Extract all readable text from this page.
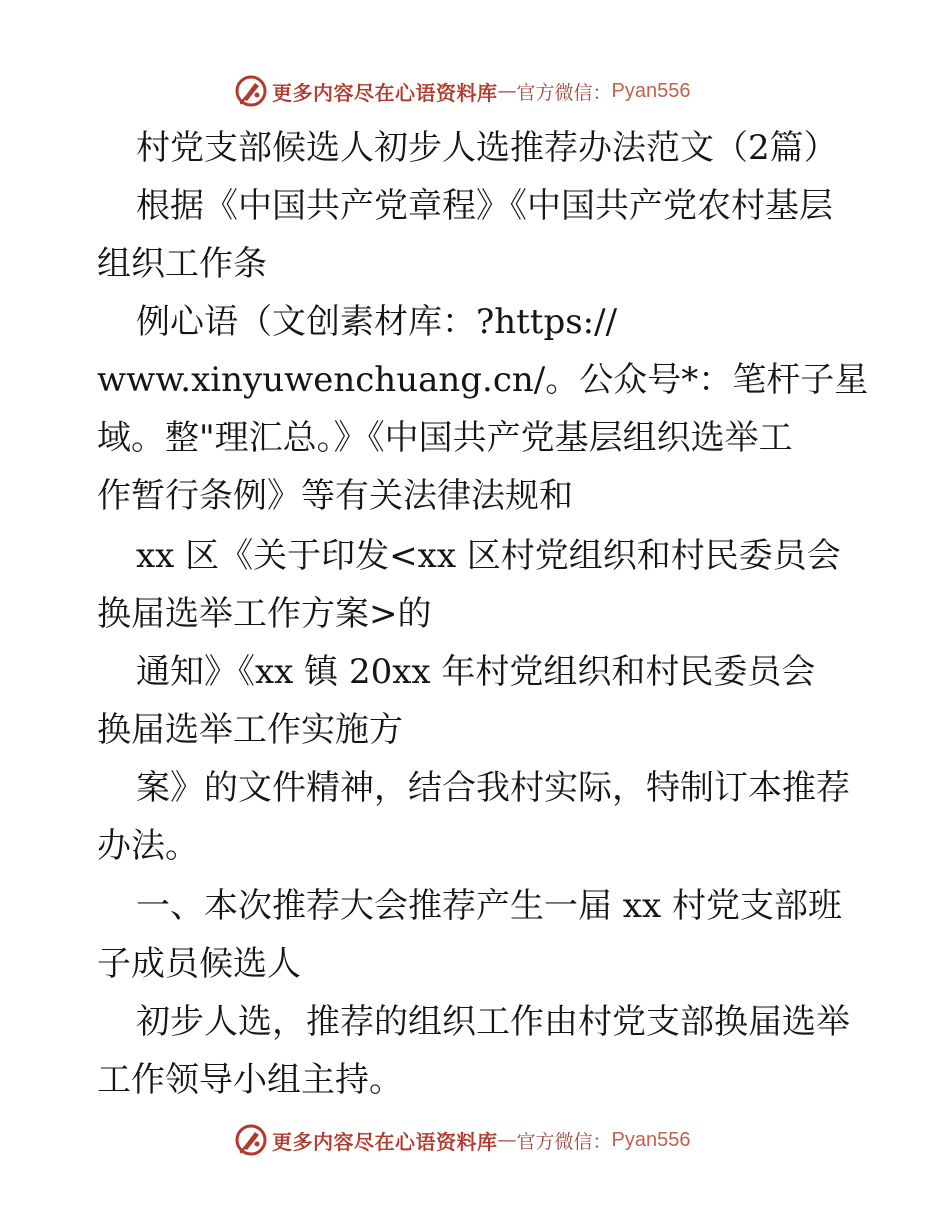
更多内容尽在心语资料库 — 官方微信： Pyan556

村党支部候选人初步人选推荐办法范文（2篇）

根据《中国共产党章程》《中国共产党农村基层

组织工作条

例心语（文创素材库：?https://

www.xinyuwenchuang.cn/。公众号*：笔杆子星

域。整"理汇总。》《中国共产党基层组织选举工

作暂行条例》等有关法律法规和

xx 区《关于印发<xx 区村党组织和村民委员会

换届选举工作方案>的

通知》《xx 镇 20xx 年村党组织和村民委员会

换届选举工作实施方

案》的文件精神，结合我村实际，特制订本推荐

办法。

一、本次推荐大会推荐产生一届 xx 村党支部班

子成员候选人

初步人选，推荐的组织工作由村党支部换届选举

工作领导小组主持。

更多内容尽在心语资料库 — 官方微信： Pyan556
